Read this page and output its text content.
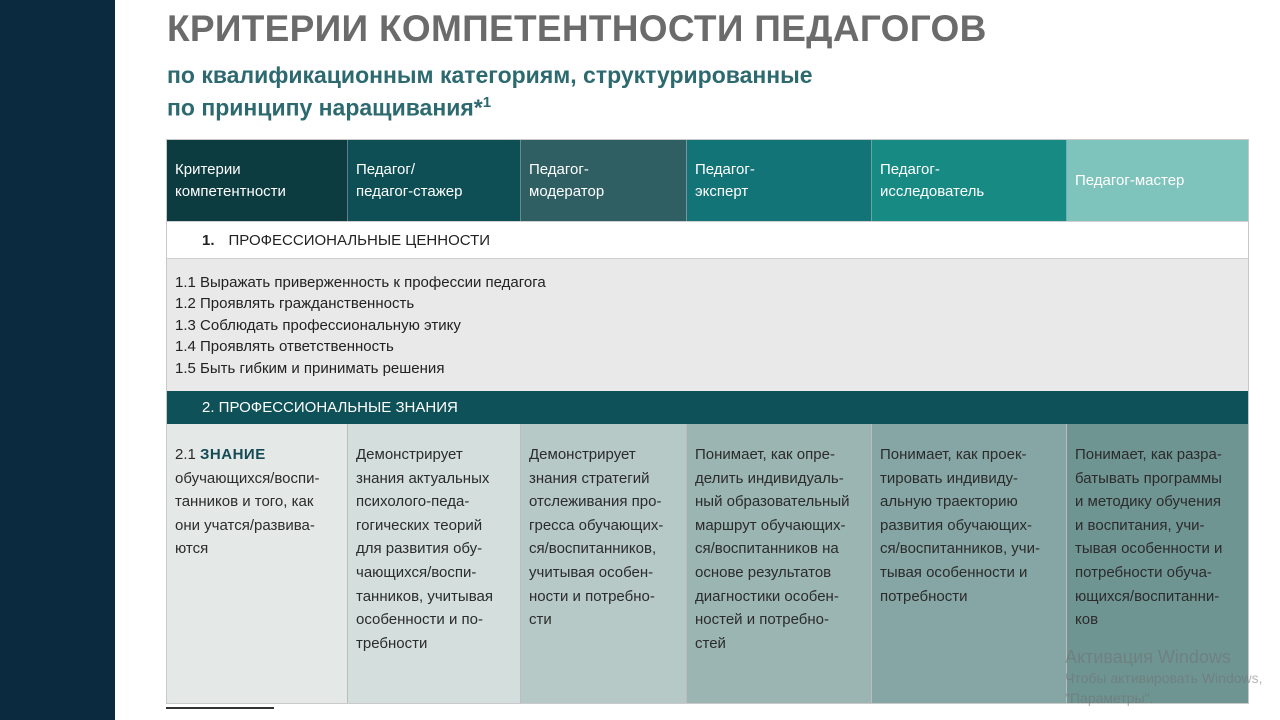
КРИТЕРИИ КОМПЕТЕНТНОСТИ ПЕДАГОГОВ
по квалификационным категориям, структурированные
по принципу наращивания*$^1$
Критерии
компетентности
Педагог/
педагог-стажер
Педагог-
модератор
Педагог-
эксперт
Педагог-
исследователь
Педагог-мастер
1. ПРОФЕССИОНАЛЬНЫЕ ЦЕННОСТИ
1.1 Выражать приверженность к профессии педагога
1.2 Проявлять гражданственность
1.3 Соблюдать профессиональную этику
1.4 Проявлять ответственность
1.5 Быть гибким и принимать решения
2. ПРОФЕССИОНАЛЬНЫЕ ЗНАНИЯ
2.1 ЗНАНИЕ
обучающихся/воспи-
танников и того, как
они учатся/развива-
ются
Демонстрирует
знания актуальных
психолого-педа-
гогических теорий
для развития обу-
чающихся/воспи-
танников, учитывая
особенности и по-
требности
Демонстрирует
знания стратегий
отслеживания про-
гресса обучающих-
ся/воспитанников,
учитывая особен-
ности и потребно-
сти
Понимает, как опре-
делить индивидуаль-
ный образовательный
маршрут обучающих-
ся/воспитанников на
основе результатов
диагностики особен-
ностей и потребно-
стей
Понимает, как проек-
тировать индивиду-
альную траекторию
развития обучающих-
ся/воспитанников, учи-
тывая особенности и
потребности
Понимает, как разра-
батывать программы
и методику обучения
и воспитания, учи-
тывая особенности и
потребности обуча-
ющихся/воспитанни-
ков
Активация Windows
Чтобы активировать Windows,
"Параметры".
